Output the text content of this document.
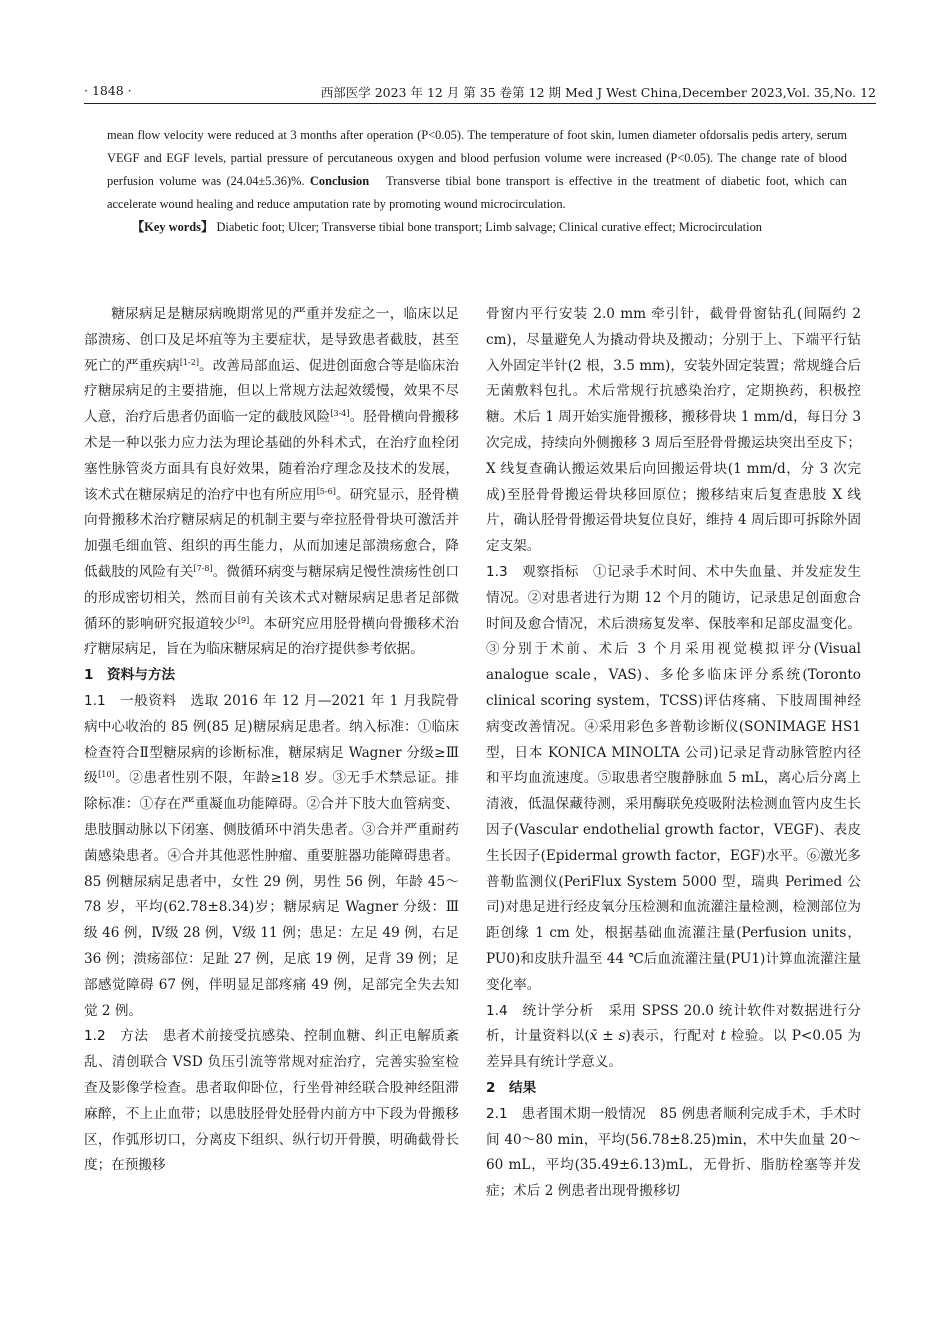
· 1848 ·	西部医学 2023 年 12 月 第 35 卷第 12 期 Med J West China,December 2023,Vol. 35,No. 12

mean flow velocity were reduced at 3 months after operation (P<0.05). The temperature of foot skin, lumen diameter ofdorsalis pedis artery, serum VEGF and EGF levels, partial pressure of percutaneous oxygen and blood perfusion volume were increased (P<0.05). The change rate of blood perfusion volume was (24.04±5.36)%. Conclusion　 Transverse tibial bone transport is effective in the treatment of diabetic foot, which can accelerate wound healing and reduce amputation rate by promoting wound microcirculation.

【Key words】 Diabetic foot; Ulcer; Transverse tibial bone transport; Limb salvage; Clinical curative effect; Microcirculation

糖尿病足是糖尿病晚期常见的严重并发症之一，临床以足部溃疡、创口及足坏疽等为主要症状，是导致患者截肢，甚至死亡的严重疾病[1-2]。改善局部血运、促进创面愈合等是临床治疗糖尿病足的主要措施，但以上常规方法起效缓慢，效果不尽人意，治疗后患者仍面临一定的截肢风险[3-4]。胫骨横向骨搬移术是一种以张力应力法为理论基础的外科术式，在治疗血栓闭塞性脉管炎方面具有良好效果，随着治疗理念及技术的发展，该术式在糖尿病足的治疗中也有所应用[5-6]。研究显示，胫骨横向骨搬移术治疗糖尿病足的机制主要与牵拉胫骨骨块可激活并加强毛细血管、组织的再生能力，从而加速足部溃疡愈合，降低截肢的风险有关[7-8]。微循环病变与糖尿病足慢性溃疡性创口的形成密切相关，然而目前有关该术式对糖尿病足患者足部微循环的影响研究报道较少[9]。本研究应用胫骨横向骨搬移术治疗糖尿病足，旨在为临床糖尿病足的治疗提供参考依据。

1　资料与方法

1.1　一般资料　选取 2016 年 12 月—2021 年 1 月我院骨病中心收治的 85 例(85 足)糖尿病足患者。纳入标准：①临床检查符合Ⅱ型糖尿病的诊断标准，糖尿病足 Wagner 分级≥Ⅲ级[10]。②患者性别不限，年龄≥18 岁。③无手术禁忌证。排除标准：①存在严重凝血功能障碍。②合并下肢大血管病变、患肢腘动脉以下闭塞、侧肢循环中消失患者。③合并严重耐药菌感染患者。④合并其他恶性肿瘤、重要脏器功能障碍患者。85 例糖尿病足患者中，女性 29 例，男性 56 例，年龄 45～78 岁，平均(62.78±8.34)岁；糖尿病足 Wagner 分级：Ⅲ级 46 例，Ⅳ级 28 例，Ⅴ级 11 例；患足：左足 49 例，右足 36 例；溃疡部位：足趾 27 例，足底 19 例，足背 39 例；足部感觉障碍 67 例，伴明显足部疼痛 49 例，足部完全失去知觉 2 例。

1.2　方法　患者术前接受抗感染、控制血糖、纠正电解质紊乱、清创联合 VSD 负压引流等常规对症治疗，完善实验室检查及影像学检查。患者取仰卧位，行坐骨神经联合股神经阻滞麻醉，不上止血带；以患肢胫骨处胫骨内前方中下段为骨搬移区，作弧形切口，分离皮下组织、纵行切开骨膜，明确截骨长度；在预搬移

骨窗内平行安装 2.0 mm 牵引针，截骨骨窗钻孔(间隔约 2 cm)，尽量避免人为撬动骨块及搬动；分别于上、下端平行钻入外固定半针(2 根，3.5 mm)，安装外固定装置；常规缝合后无菌敷料包扎。术后常规行抗感染治疗，定期换药，积极控糖。术后 1 周开始实施骨搬移，搬移骨块 1 mm/d，每日分 3 次完成，持续向外侧搬移 3 周后至胫骨骨搬运块突出至皮下；X 线复查确认搬运效果后向回搬运骨块(1 mm/d，分 3 次完成)至胫骨骨搬运骨块移回原位；搬移结束后复查患肢 X 线片，确认胫骨骨搬运骨块复位良好，维持 4 周后即可拆除外固定支架。

1.3　观察指标　①记录手术时间、术中失血量、并发症发生情况。②对患者进行为期 12 个月的随访，记录患足创面愈合时间及愈合情况，术后溃疡复发率、保肢率和足部皮温变化。③分别于术前、术后 3 个月采用视觉模拟评分(Visual analogue scale，VAS)、多伦多临床评分系统(Toronto clinical scoring system，TCSS)评估疼痛、下肢周围神经病变改善情况。④采用彩色多普勒诊断仪(SONIMAGE HS1 型，日本 KONICA MINOLTA 公司)记录足背动脉管腔内径和平均血流速度。⑤取患者空腹静脉血 5 mL，离心后分离上清液，低温保藏待测，采用酶联免疫吸附法检测血管内皮生长因子(Vascular endothelial growth factor，VEGF)、表皮生长因子(Epidermal growth factor，EGF)水平。⑥激光多普勒监测仪(PeriFlux System 5000 型，瑞典 Perimed 公司)对患足进行经皮氧分压检测和血流灌注量检测，检测部位为距创缘 1 cm 处，根据基础血流灌注量(Perfusion units，PU0)和皮肤升温至 44 ℃后血流灌注量(PU1)计算血流灌注量变化率。

1.4　统计学分析　采用 SPSS 20.0 统计软件对数据进行分析，计量资料以(x̄ ± s)表示，行配对 t 检验。以 P<0.05 为差异具有统计学意义。

2　结果

2.1　患者围术期一般情况　85 例患者顺利完成手术，手术时间 40～80 min，平均(56.78±8.25)min，术中失血量 20～60 mL，平均(35.49±6.13)mL，无骨折、脂肪栓塞等并发症；术后 2 例患者出现骨搬移切
